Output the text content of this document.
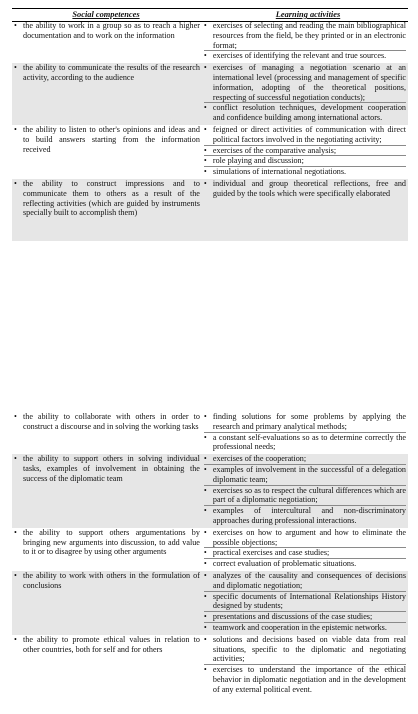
Social competences	Learning activities
• the ability to work in a group so as to reach a higher documentation and to work on the information	• exercises of selecting and reading the main bibliographical resources from the field, be they printed or in an electronic format;
• exercises of identifying the relevant and true sources.

• the ability to communicate the results of the research activity, according to the audience	• exercises of managing a negotiation scenario at an international level (processing and management of specific information, adopting of the theoretical positions, respecting of successful negotiation conducts);
• conflict resolution techniques, development cooperation and confidence building among international actors.

• the ability to listen to other's opinions and ideas and to build answers starting from the information received	• feigned or direct activities of communication with direct political factors involved in the negotiating activity;
• exercises of the comparative analysis;
• role playing and discussion;
• simulations of international negotiations.

• the ability to construct impressions and to communicate them to others as a result of the reflecting activities (which are guided by instruments specially built to accomplish them)	• individual and group theoretical reflections, free and guided by the tools which were specifically elaborated
• the ability to collaborate with others in order to construct a discourse and in solving the working tasks	• finding solutions for some problems by applying the research and primary analytical methods;
• a constant self-evaluations so as to determine correctly the professional needs;

• the ability to support others in solving individual tasks, examples of involvement in obtaining the success of the diplomatic team	• exercises of the cooperation;
• examples of involvement in the successful of a delegation diplomatic team;
• exercises so as to respect the cultural differences which are part of a diplomatic negotiation;
• examples of intercultural and non-discriminatory approaches during professional interactions.

• the ability to support others argumentations by bringing new arguments into discussion, to add value to it or to disagree by using other arguments	• exercises on how to argument and how to eliminate the possible objections;
• practical exercises and case studies;
• correct evaluation of problematic situations.

• the ability to work with others in the formulation of conclusions	• analyzes of the causality and consequences of decisions and diplomatic negotiation;
• specific documents of International Relationships History designed by students;
• presentations and discussions of the case studies;
• teamwork and cooperation in the epistemic networks.

• the ability to promote ethical values in relation to other countries, both for self and for others	• solutions and decisions based on viable data from real situations, specific to the diplomatic and negotiating activities;
• exercises to understand the importance of the ethical behavior in diplomatic negotiation and in the development of any external political event.
